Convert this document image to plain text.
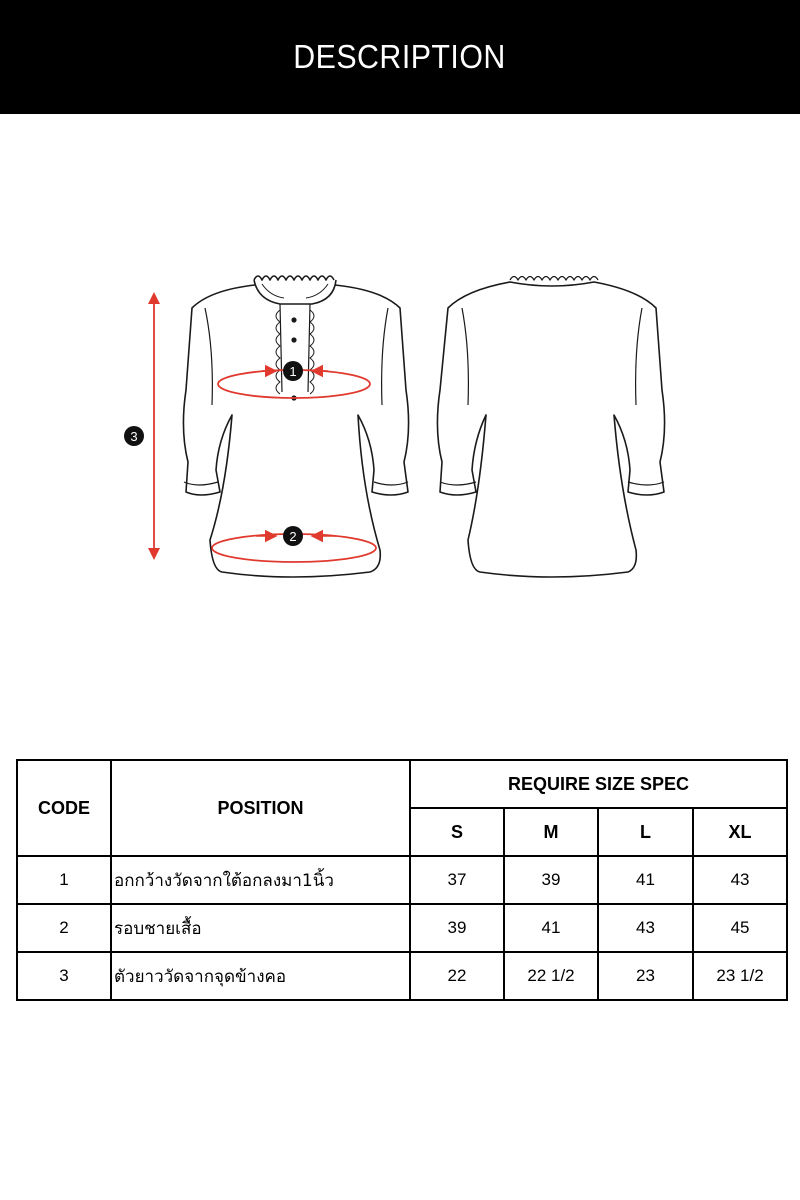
DESCRIPTION
1
2
3
CODE	POSITION	REQUIRE SIZE SPEC			
		S	M	L	XL
1	อกกว้างวัดจากใต้อกลงมา1นิ้ว	37	39	41	43
2	รอบชายเสื้อ	39	41	43	45
3	ตัวยาววัดจากจุดข้างคอ	22	22 1/2	23	23 1/2
